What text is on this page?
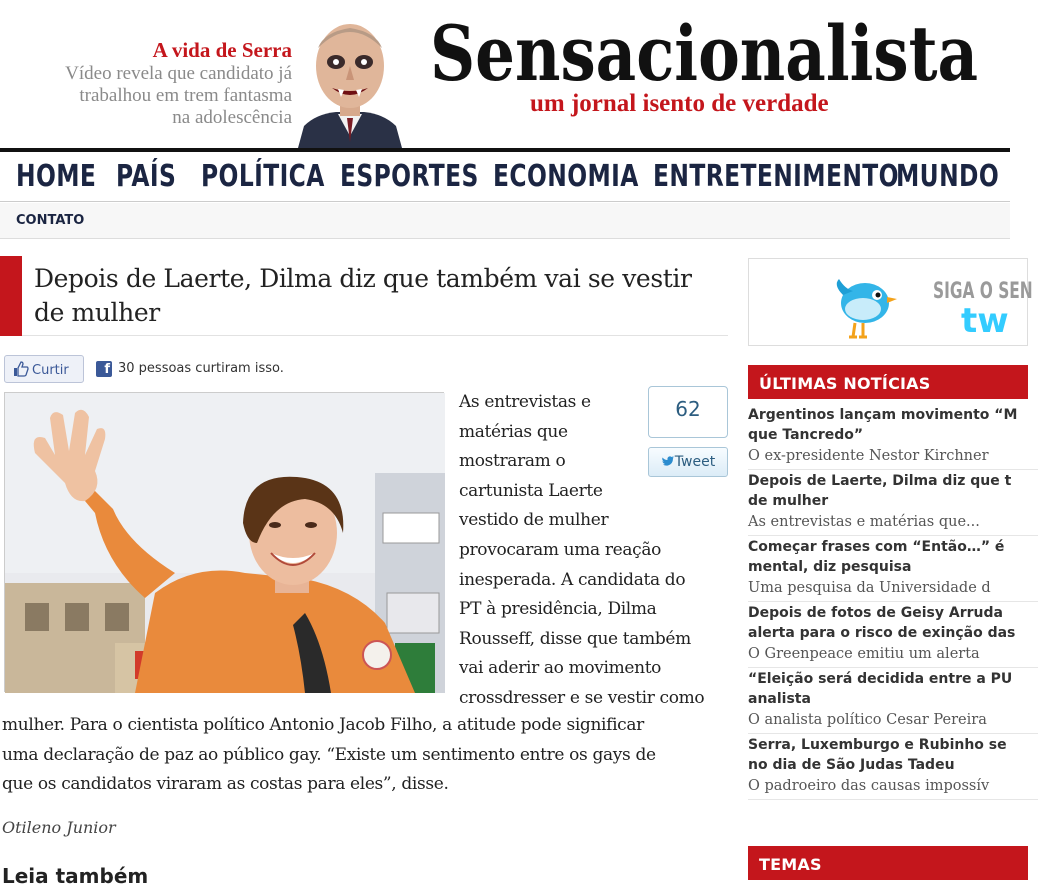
A vida de Serra
Vídeo revela que candidato já
trabalhou em trem fantasma
na adolescência
Sensacionalista
um jornal isento de verdade
HOME PAÍS POLÍTICA ESPORTES ECONOMIA ENTRETENIMENTO
MUNDO
CONTATO
Depois de Laerte, Dilma diz que também vai se vestir
de mulher
Curtir	f 30 pessoas curtiram isso.
62
Tweet
As entrevistas e
matérias que
mostraram o
cartunista Laerte
vestido de mulher
provocaram uma reação
inesperada. A candidata do
PT à presidência, Dilma
Rousseff, disse que também
vai aderir ao movimento
crossdresser e se vestir como
mulher. Para o cientista político Antonio Jacob Filho, a atitude pode significar
uma declaração de paz ao público gay. “Existe um sentimento entre os gays de
que os candidatos viraram as costas para eles”, disse.
Otileno Junior
Leia também
SIGA O SEN
tw
ÚLTIMAS NOTÍCIAS
Argentinos lançam movimento “M
que Tancredo”
O ex-presidente Nestor Kirchner
Depois de Laerte, Dilma diz que t
de mulher
As entrevistas e matérias que...
Começar frases com “Então…” é
mental, diz pesquisa
Uma pesquisa da Universidade d
Depois de fotos de Geisy Arruda
alerta para o risco de exinção das
O Greenpeace emitiu um alerta
“Eleição será decidida entre a PU
analista
O analista político Cesar Pereira
Serra, Luxemburgo e Rubinho se
no dia de São Judas Tadeu
O padroeiro das causas impossív
TEMAS
